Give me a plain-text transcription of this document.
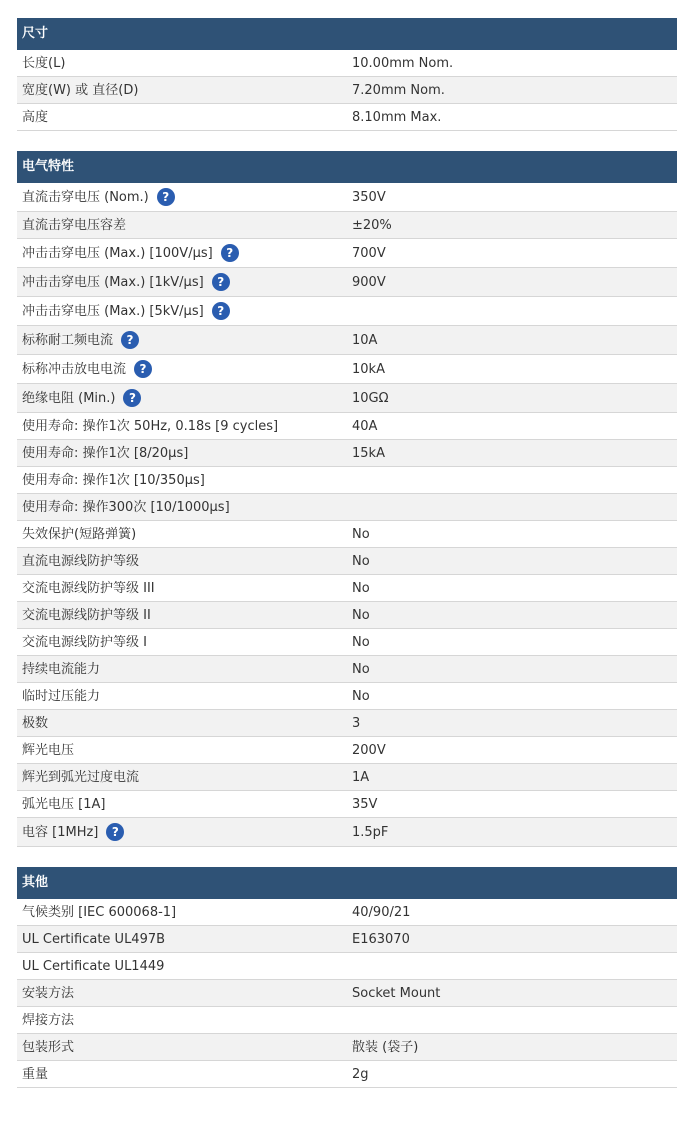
尺寸
长度(L)	10.00mm Nom.
宽度(W) 或 直径(D)	7.20mm Nom.
高度	8.10mm Max.
电气特性
直流击穿电压 (Nom.)	?	350V
直流击穿电压容差	±20%
冲击击穿电压 (Max.) [100V/µs]	?	700V
冲击击穿电压 (Max.) [1kV/µs]	?	900V
冲击击穿电压 (Max.) [5kV/µs]	?
标称耐工频电流	?	10A
标称冲击放电电流	?	10kA
绝缘电阻 (Min.)	?	10GΩ
使用寿命: 操作1次 50Hz, 0.18s [9 cycles]	40A
使用寿命: 操作1次 [8/20µs]	15kA
使用寿命: 操作1次 [10/350µs]
使用寿命: 操作300次 [10/1000µs]
失效保护(短路弹簧)	No
直流电源线防护等级	No
交流电源线防护等级 III	No
交流电源线防护等级 II	No
交流电源线防护等级 I	No
持续电流能力	No
临时过压能力	No
极数	3
辉光电压	200V
辉光到弧光过度电流	1A
弧光电压 [1A]	35V
电容 [1MHz]	?	1.5pF
其他
气候类别 [IEC 600068-1]	40/90/21
UL Certificate UL497B	E163070
UL Certificate UL1449
安装方法	Socket Mount
焊接方法
包装形式	散装 (袋子)
重量	2g
